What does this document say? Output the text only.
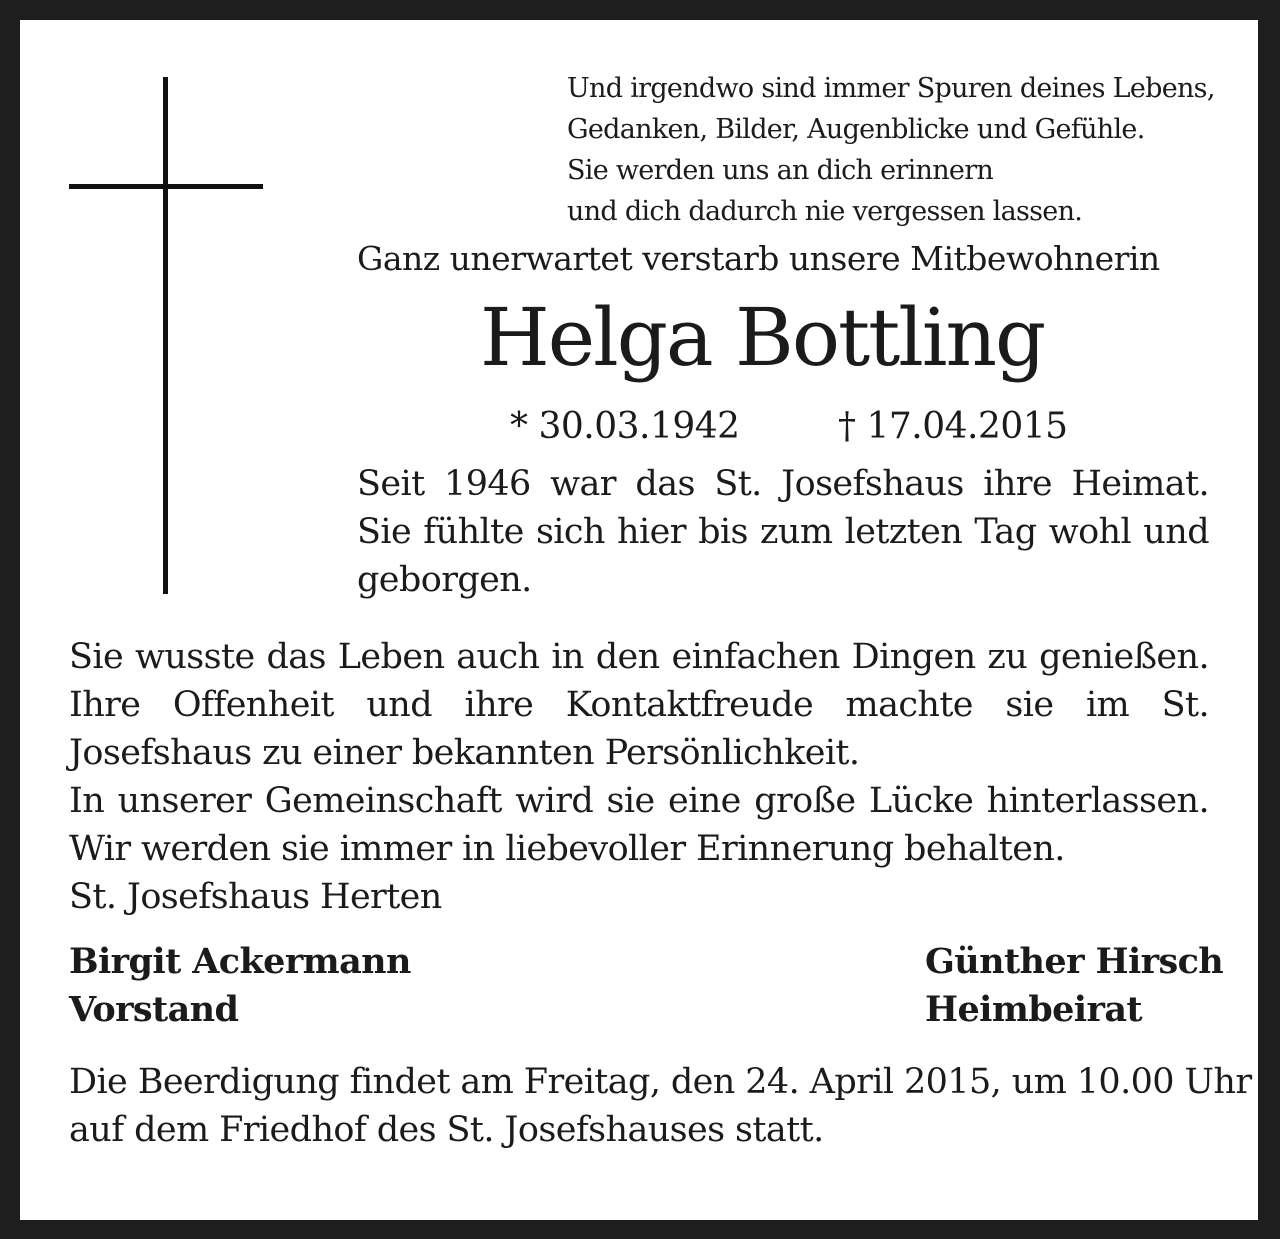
Und irgendwo sind immer Spuren deines Lebens,
Gedanken, Bilder, Augenblicke und Gefühle.
Sie werden uns an dich erinnern
und dich dadurch nie vergessen lassen.
Ganz unerwartet verstarb unsere Mitbewohnerin
Helga Bottling
* 30.03.1942	† 17.04.2015

Seit 1946 war das St. Josefshaus ihre Heimat. Sie fühlte sich hier bis zum letzten Tag wohl und geborgen.

Sie wusste das Leben auch in den einfachen Dingen zu genießen. Ihre Offenheit und ihre Kontaktfreude machte sie im St. Josefshaus zu einer bekannten Persönlichkeit.

In unserer Gemeinschaft wird sie eine große Lücke hinterlassen. Wir werden sie immer in liebevoller Erinnerung behalten.

St. Josefshaus Herten

Birgit Ackermann
Vorstand
Günther Hirsch
Heimbeirat
Die Beerdigung findet am Freitag, den 24. April 2015, um 10.00 Uhr
auf dem Friedhof des St. Josefshauses statt.
